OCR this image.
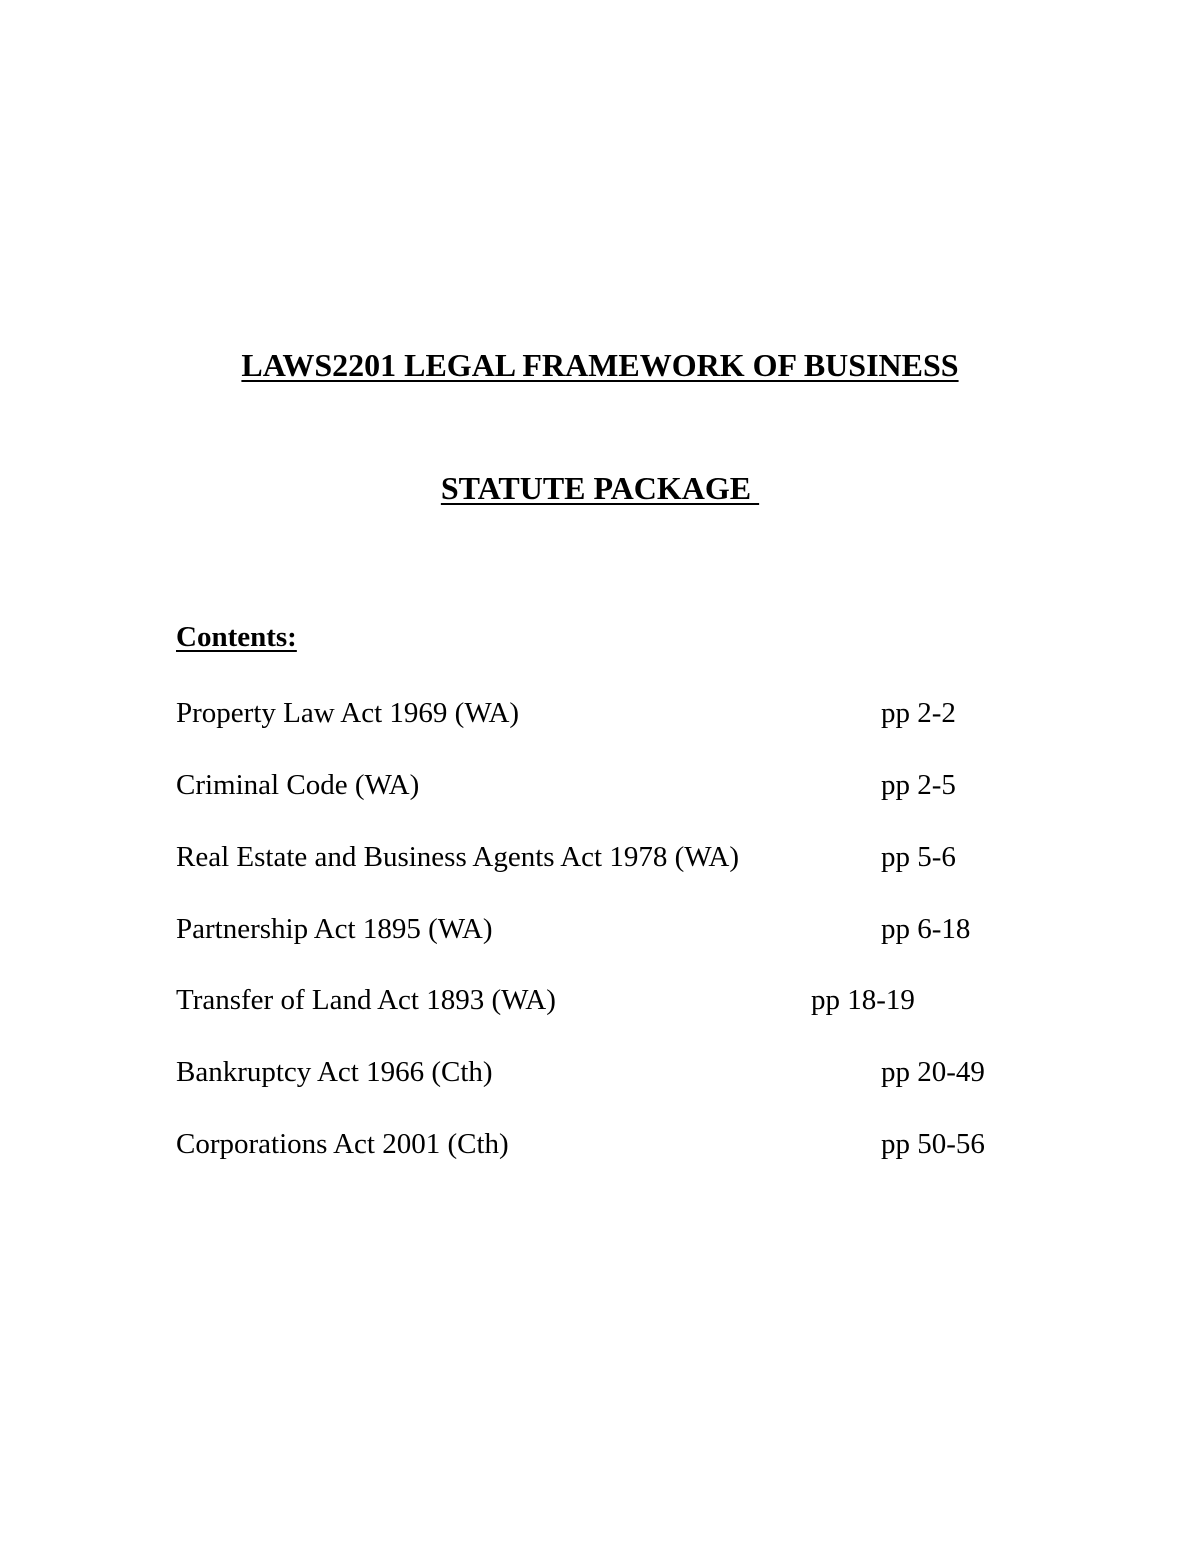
LAWS2201 LEGAL FRAMEWORK OF BUSINESS
STATUTE PACKAGE
Contents:
Property Law Act 1969 (WA)	pp 2-2
Criminal Code (WA)	pp 2-5
Real Estate and Business Agents Act 1978 (WA)	pp 5-6
Partnership Act 1895 (WA)	pp 6-18
Transfer of Land Act 1893 (WA)	pp 18-19
Bankruptcy Act 1966 (Cth)	pp 20-49
Corporations Act 2001 (Cth)	pp 50-56
